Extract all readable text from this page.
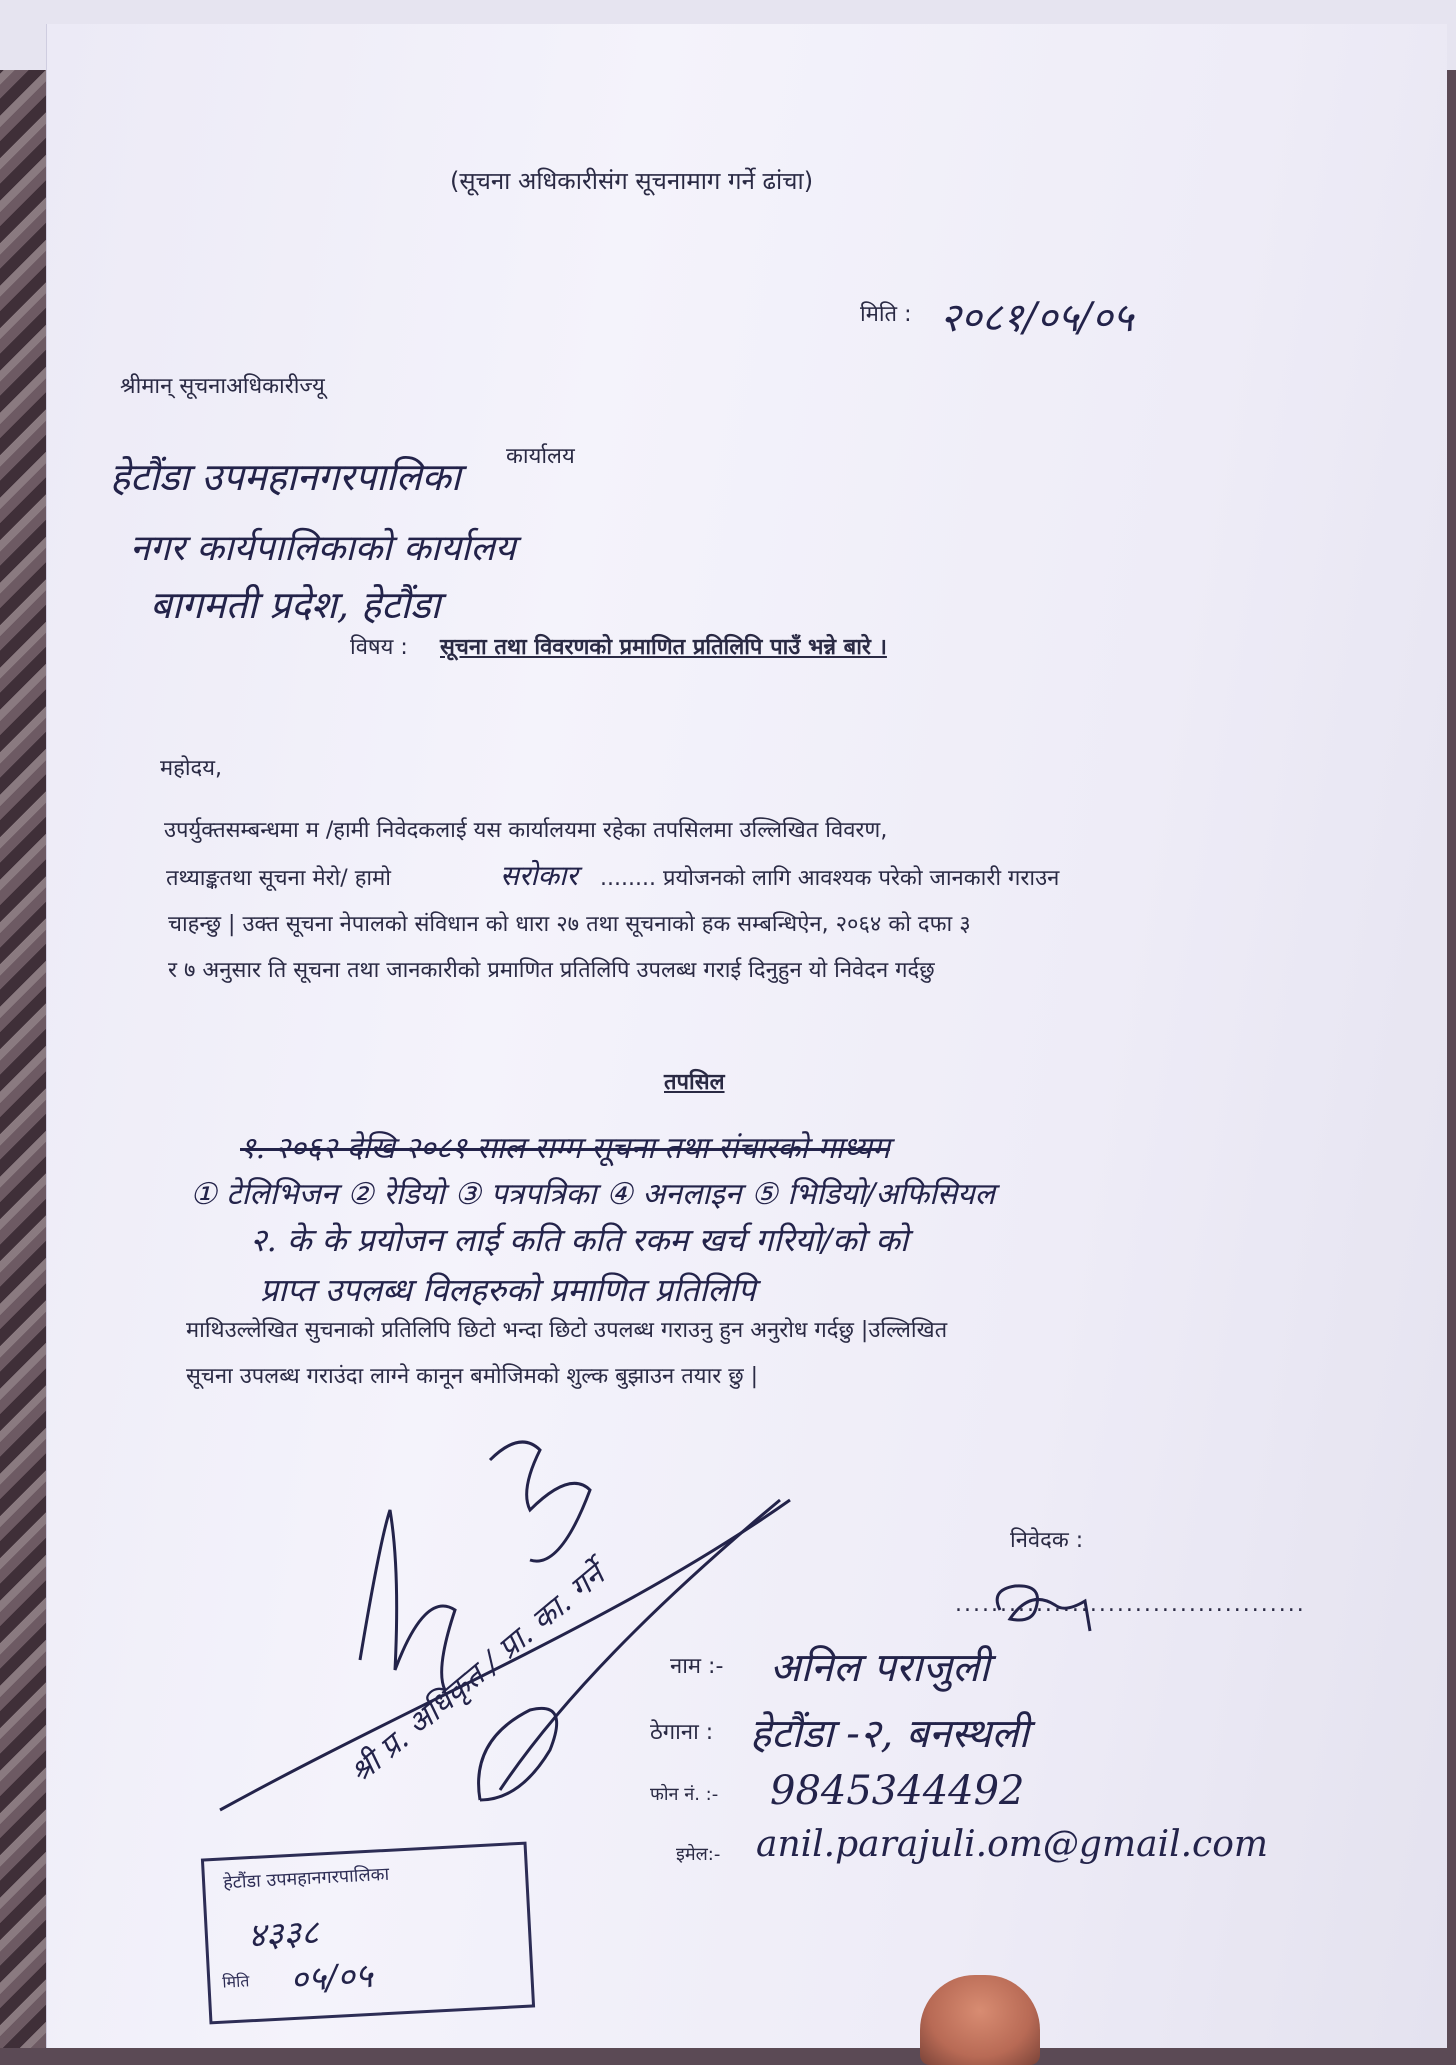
(सूचना अधिकारीसंग सूचनामाग गर्ने ढांचा)
मिति : २०८१/०५/०५
श्रीमान् सूचनाअधिकारीज्यू
हेटौंडा उपमहानगरपालिका कार्यालय
नगर कार्यपालिकाको कार्यालय
बागमती प्रदेश, हेटौंडा
विषय : सूचना तथा विवरणको प्रमाणित प्रतिलिपि पाउँ भन्ने बारे ।
महोदय,
उपर्युक्तसम्बन्धमा म /हामी निवेदकलाई यस कार्यालयमा रहेका तपसिलमा उल्लिखित विवरण,
तथ्याङ्कतथा सूचना मेरो/ हामो	सरोकार ........ प्रयोजनको लागि आवश्यक परेको जानकारी गराउन
चाहन्छु | उक्त सूचना नेपालको संविधान को धारा २७ तथा सूचनाको हक सम्बन्धिऐन, २०६४ को दफा ३
र ७ अनुसार ति सूचना तथा जानकारीको प्रमाणित प्रतिलिपि उपलब्ध गराई दिनुहुन यो निवेदन गर्दछु
तपसिल
१. २०६२ देखि २०८१ साल सम्म सूचना तथा संचारको माध्यम
① टेलिभिजन ② रेडियो ③ पत्रपत्रिका ④ अनलाइन ⑤ भिडियो/अफिसियल
२. के के प्रयोजन लाई कति कति रकम खर्च गरियो/को को
प्राप्त उपलब्ध विलहरुको प्रमाणित प्रतिलिपि
माथिउल्लेखित सुचनाको प्रतिलिपि छिटो भन्दा छिटो उपलब्ध गराउनु हुन अनुरोध गर्दछु |उल्लिखित
सूचना उपलब्ध गराउंदा लाग्ने कानून बमोजिमको शुल्क बुझाउन तयार छु |
निवेदक :
.......................................
नाम :- अनिल पराजुली
ठेगाना : हेटौंडा -२, बनस्थली
फोन नं. :- 9845344492
इमेल:- anil.parajuli.om@gmail.com
श्री प्र. अधिकृत / प्रा. का. गर्ने
हेटौंडा उपमहानगरपालिका
४३३८
मिति ०५/०५
